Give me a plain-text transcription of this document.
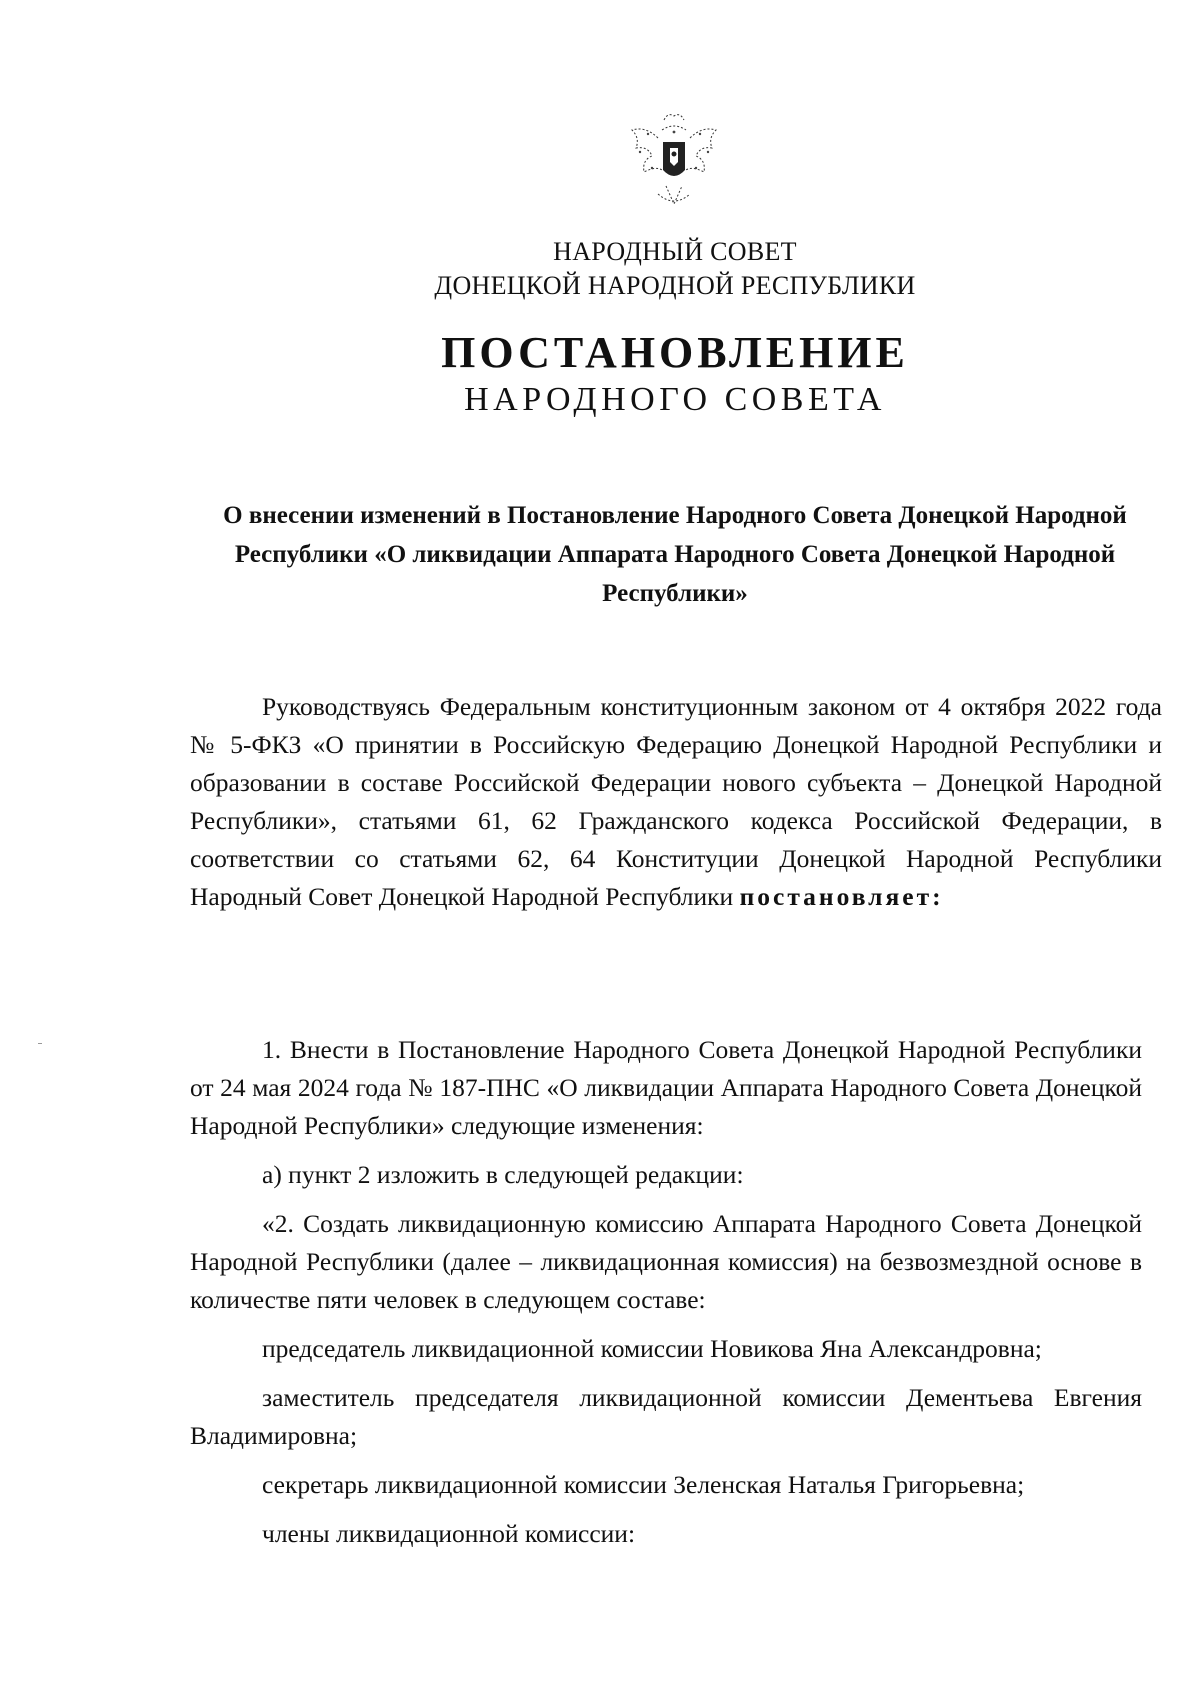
НАРОДНЫЙ СОВЕТ
ДОНЕЦКОЙ НАРОДНОЙ РЕСПУБЛИКИ
ПОСТАНОВЛЕНИЕ
НАРОДНОГО СОВЕТА
О внесении изменений в Постановление Народного Совета Донецкой Народной Республики «О ликвидации Аппарата Народного Совета Донецкой Народной Республики»

Руководствуясь Федеральным конституционным законом от 4 октября 2022 года № 5-ФКЗ «О принятии в Российскую Федерацию Донецкой Народной Республики и образовании в составе Российской Федерации нового субъекта – Донецкой Народной Республики», статьями 61, 62 Гражданского кодекса Российской Федерации, в соответствии со статьями 62, 64 Конституции Донецкой Народной Республики Народный Совет Донецкой Народной Республики постановляет:

1. Внести в Постановление Народного Совета Донецкой Народной Республики от 24 мая 2024 года № 187-ПНС «О ликвидации Аппарата Народного Совета Донецкой Народной Республики» следующие изменения:

а) пункт 2 изложить в следующей редакции:

«2. Создать ликвидационную комиссию Аппарата Народного Совета Донецкой Народной Республики (далее – ликвидационная комиссия) на безвозмездной основе в количестве пяти человек в следующем составе:

председатель ликвидационной комиссии Новикова Яна Александровна;

заместитель председателя ликвидационной комиссии Дементьева Евгения Владимировна;

секретарь ликвидационной комиссии Зеленская Наталья Григорьевна;

члены ликвидационной комиссии:
